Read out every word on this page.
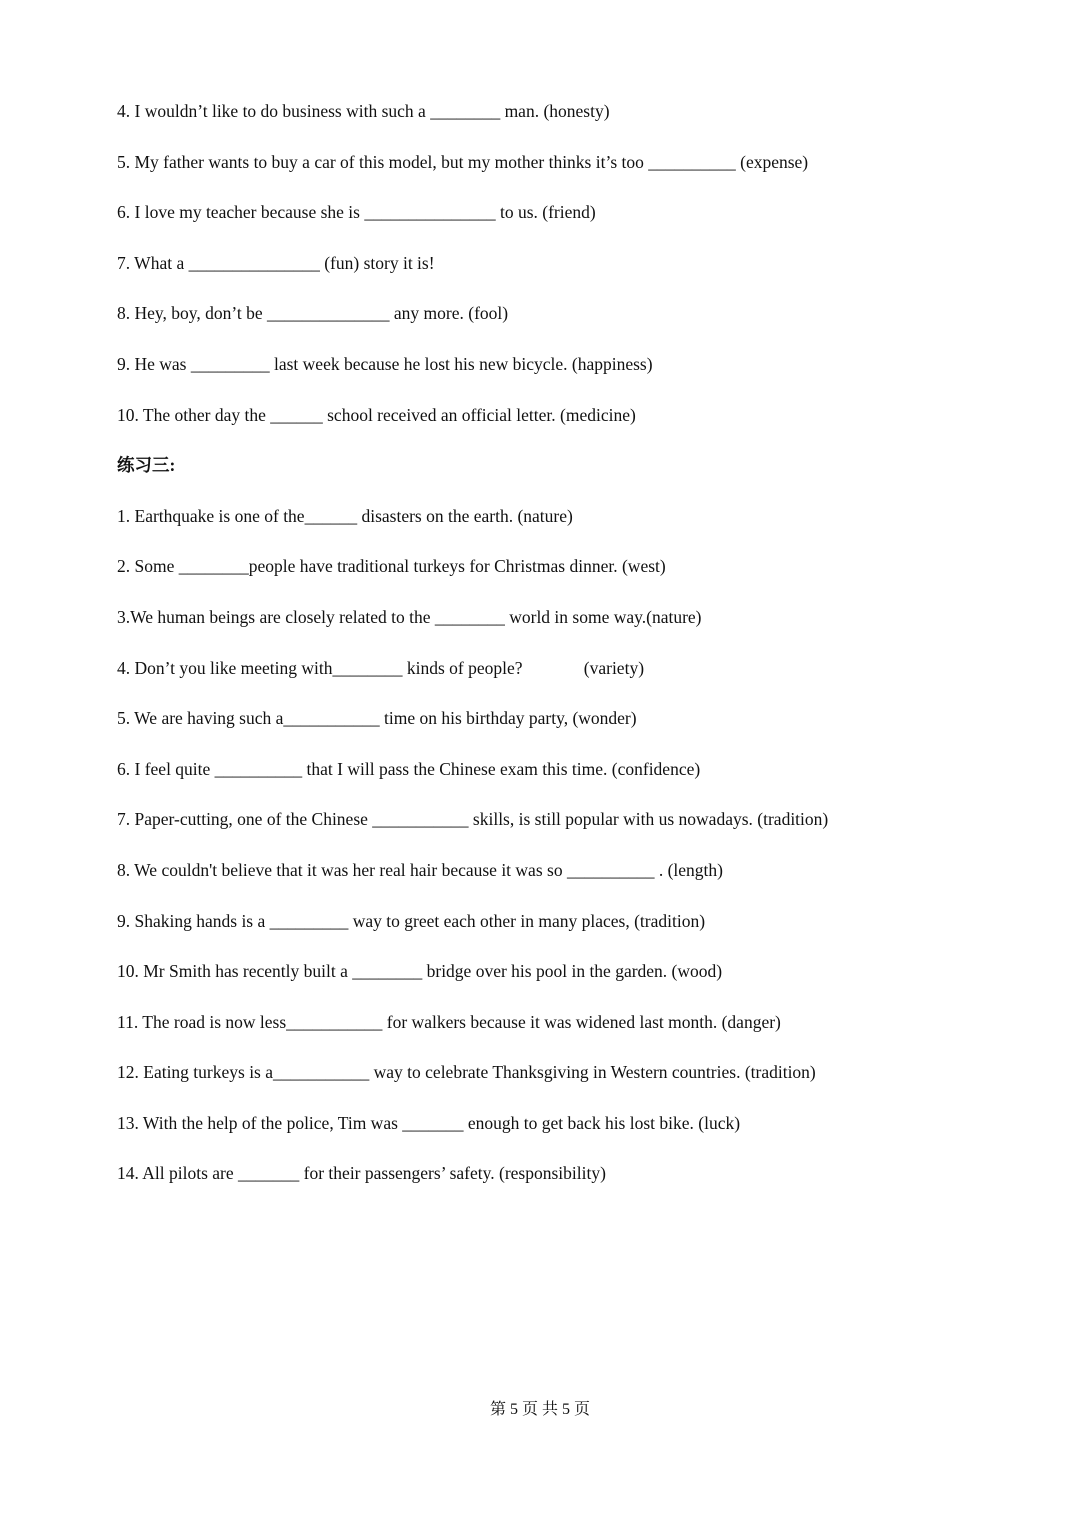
4. I wouldn’t like to do business with such a ________ man. (honesty)

5. My father wants to buy a car of this model, but my mother thinks it’s too __________ (expense)

6. I love my teacher because she is _______________ to us. (friend)

7. What a _______________ (fun) story it is!

8. Hey, boy, don’t be ______________ any more. (fool)

9. He was _________ last week because he lost his new bicycle. (happiness)

10. The other day the ______ school received an official letter. (medicine)

练习三:

1. Earthquake is one of the______ disasters on the earth. (nature)

2. Some ________people have traditional turkeys for Christmas dinner. (west)

3.We human beings are closely related to the ________ world in some way.(nature)

4. Don’t you like meeting with________ kinds of people?              (variety)

5. We are having such a___________ time on his birthday party, (wonder)

6. I feel quite __________ that I will pass the Chinese exam this time. (confidence)

7. Paper-cutting, one of the Chinese ___________ skills, is still popular with us nowadays. (tradition)

8. We couldn't believe that it was her real hair because it was so __________ . (length)

9. Shaking hands is a _________ way to greet each other in many places, (tradition)

10. Mr Smith has recently built a ________ bridge over his pool in the garden. (wood)

11. The road is now less___________ for walkers because it was widened last month. (danger)

12. Eating turkeys is a___________ way to celebrate Thanksgiving in Western countries. (tradition)

13. With the help of the police, Tim was _______ enough to get back his lost bike. (luck)

14. All pilots are _______ for their passengers’ safety. (responsibility)

第 5 页 共 5 页
